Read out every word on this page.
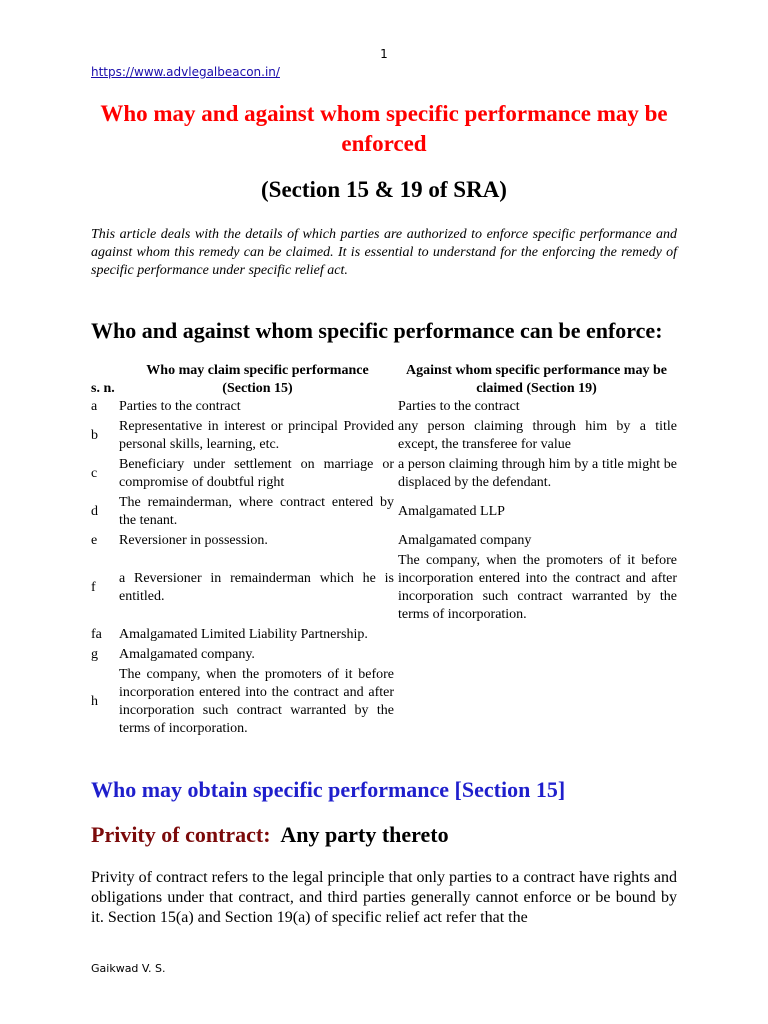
1
https://www.advlegalbeacon.in/
Who may and against whom specific performance may be enforced
(Section 15 & 19 of SRA)

This article deals with the details of which parties are authorized to enforce specific performance and against whom this remedy can be claimed. It is essential to understand for the enforcing the remedy of specific performance under specific relief act.

Who and against whom specific performance can be enforce:
s. n.	Who may claim specific performance (Section 15)	Against whom specific performance may be claimed (Section 19)
a	Parties to the contract	Parties to the contract
b	Representative in interest or principal Provided personal skills, learning, etc.	any person claiming through him by a title except, the transferee for value
c	Beneficiary under settlement on marriage or compromise of doubtful right	a person claiming through him by a title might be displaced by the defendant.
d	The remainderman, where contract entered by the tenant.	Amalgamated LLP
e	Reversioner in possession.	Amalgamated company
f	a Reversioner in remainderman which he is entitled.	The company, when the promoters of it before incorporation entered into the contract and after incorporation such contract warranted by the terms of incorporation.
fa	Amalgamated Limited Liability Partnership.	
g	Amalgamated company.	
h	The company, when the promoters of it before incorporation entered into the contract and after incorporation such contract warranted by the terms of incorporation.	
Who may obtain specific performance [Section 15]
Privity of contract: Any party thereto

Privity of contract refers to the legal principle that only parties to a contract have rights and obligations under that contract, and third parties generally cannot enforce or be bound by it. Section 15(a) and Section 19(a) of specific relief act refer that the

Gaikwad V. S.
